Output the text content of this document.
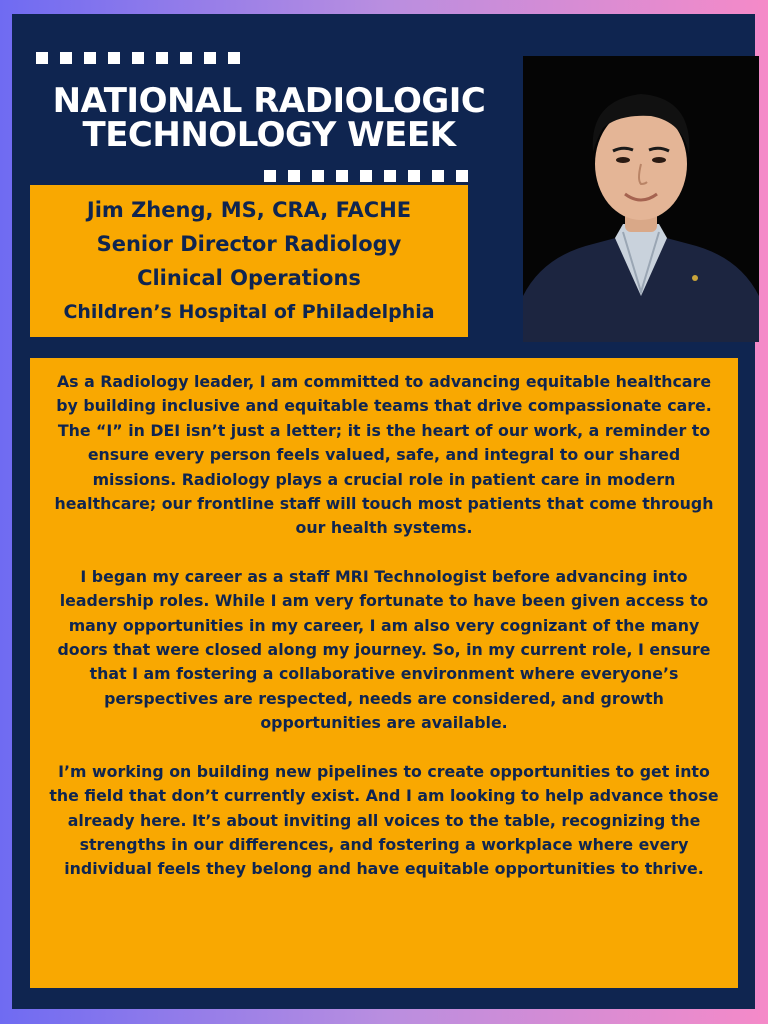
NATIONAL RADIOLOGIC
TECHNOLOGY WEEK
Jim Zheng, MS, CRA, FACHE
Senior Director Radiology
Clinical Operations
Children’s Hospital of Philadelphia

As a Radiology leader, I am committed to advancing equitable healthcare by building inclusive and equitable teams that drive compassionate care. The “I” in DEI isn’t just a letter; it is the heart of our work, a reminder to ensure every person feels valued, safe, and integral to our shared missions. Radiology plays a crucial role in patient care in modern healthcare; our frontline staff will touch most patients that come through our health systems.

I began my career as a staff MRI Technologist before advancing into leadership roles. While I am very fortunate to have been given access to many opportunities in my career, I am also very cognizant of the many doors that were closed along my journey. So, in my current role, I ensure that I am fostering a collaborative environment where everyone’s perspectives are respected, needs are considered, and growth opportunities are available.

I’m working on building new pipelines to create opportunities to get into the field that don’t currently exist. And I am looking to help advance those already here. It’s about inviting all voices to the table, recognizing the strengths in our differences, and fostering a workplace where every individual feels they belong and have equitable opportunities to thrive.
